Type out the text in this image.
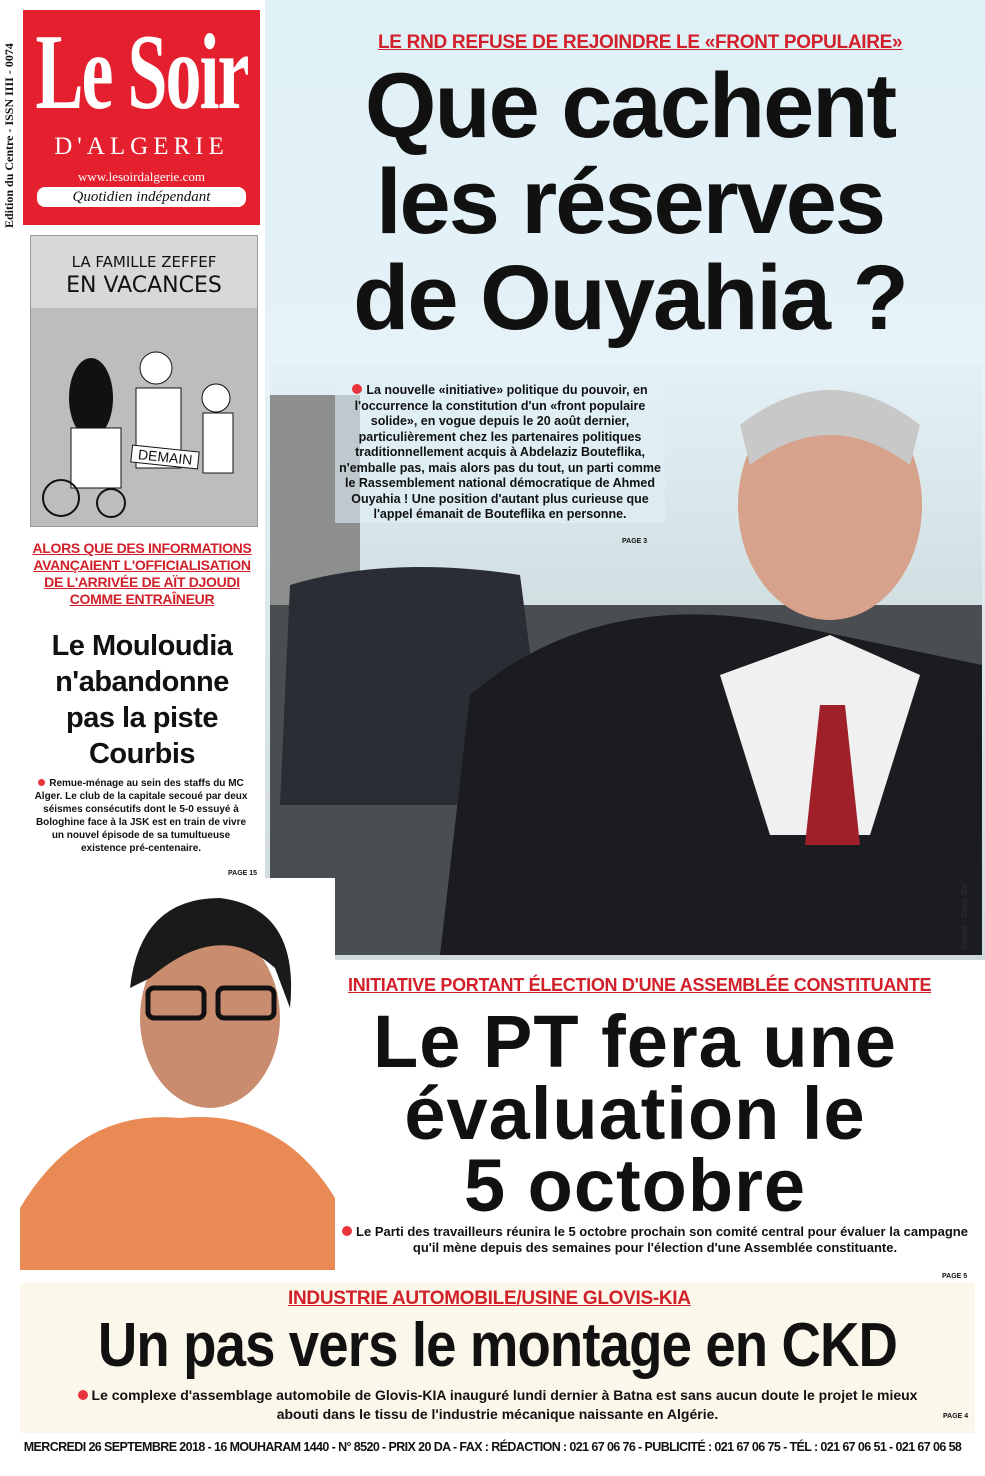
Edition du Centre - ISSN IIII - 0074 Le Soir
D'ALGERIE
www.lesoirdalgerie.com
Quotidien indépendant
LA FAMILLE ZEFFEF
EN VACANCES
DEMAIN
ALORS QUE DES INFORMATIONS
AVANÇAIENT L'OFFICIALISATION
DE L'ARRIVÉE DE AÏT DJOUDI
COMME ENTRAÎNEUR
Le Mouloudia
n'abandonne
pas la piste
Courbis
Remue-ménage au sein des staffs du MC Alger. Le club de la capitale secoué par deux séismes consécutifs dont le 5-0 essuyé à Bologhine face à la JSK est en train de vivre un nouvel épisode de sa tumultueuse existence pré-centenaire.
PAGE 15
LE RND REFUSE DE REJOINDRE LE «FRONT POPULAIRE»
Que cachent
les réserves
de Ouyahia ?
La nouvelle «initiative» politique du pouvoir, en l'occurrence la constitution d'un «front populaire solide», en vogue depuis le 20 août dernier, particulièrement chez les partenaires politiques traditionnellement acquis à Abdelaziz Bouteflika, n'emballe pas, mais alors pas du tout, un parti comme le Rassemblement national démocratique de Ahmed Ouyahia ! Une position d'autant plus curieuse que l'appel émanait de Bouteflika en personne.
PAGE 3
Photos : Samir Sid
INITIATIVE PORTANT ÉLECTION D'UNE ASSEMBLÉE CONSTITUANTE
Le PT fera une
évaluation le
5 octobre
Le Parti des travailleurs réunira le 5 octobre prochain son comité central pour évaluer la campagne qu'il mène depuis des semaines pour l'élection d'une Assemblée constituante.
PAGE 5
INDUSTRIE AUTOMOBILE/USINE GLOVIS-KIA
Un pas vers le montage en CKD
Le complexe d'assemblage automobile de Glovis-KIA inauguré lundi dernier à Batna est sans aucun doute le projet le mieux abouti dans le tissu de l'industrie mécanique naissante en Algérie.	PAGE 4
MERCREDI 26 SEPTEMBRE 2018 - 16 MOUHARAM 1440 - N° 8520 - PRIX 20 DA - FAX : RÉDACTION : 021 67 06 76 - PUBLICITÉ : 021 67 06 75 - TÉL : 021 67 06 51 - 021 67 06 58
